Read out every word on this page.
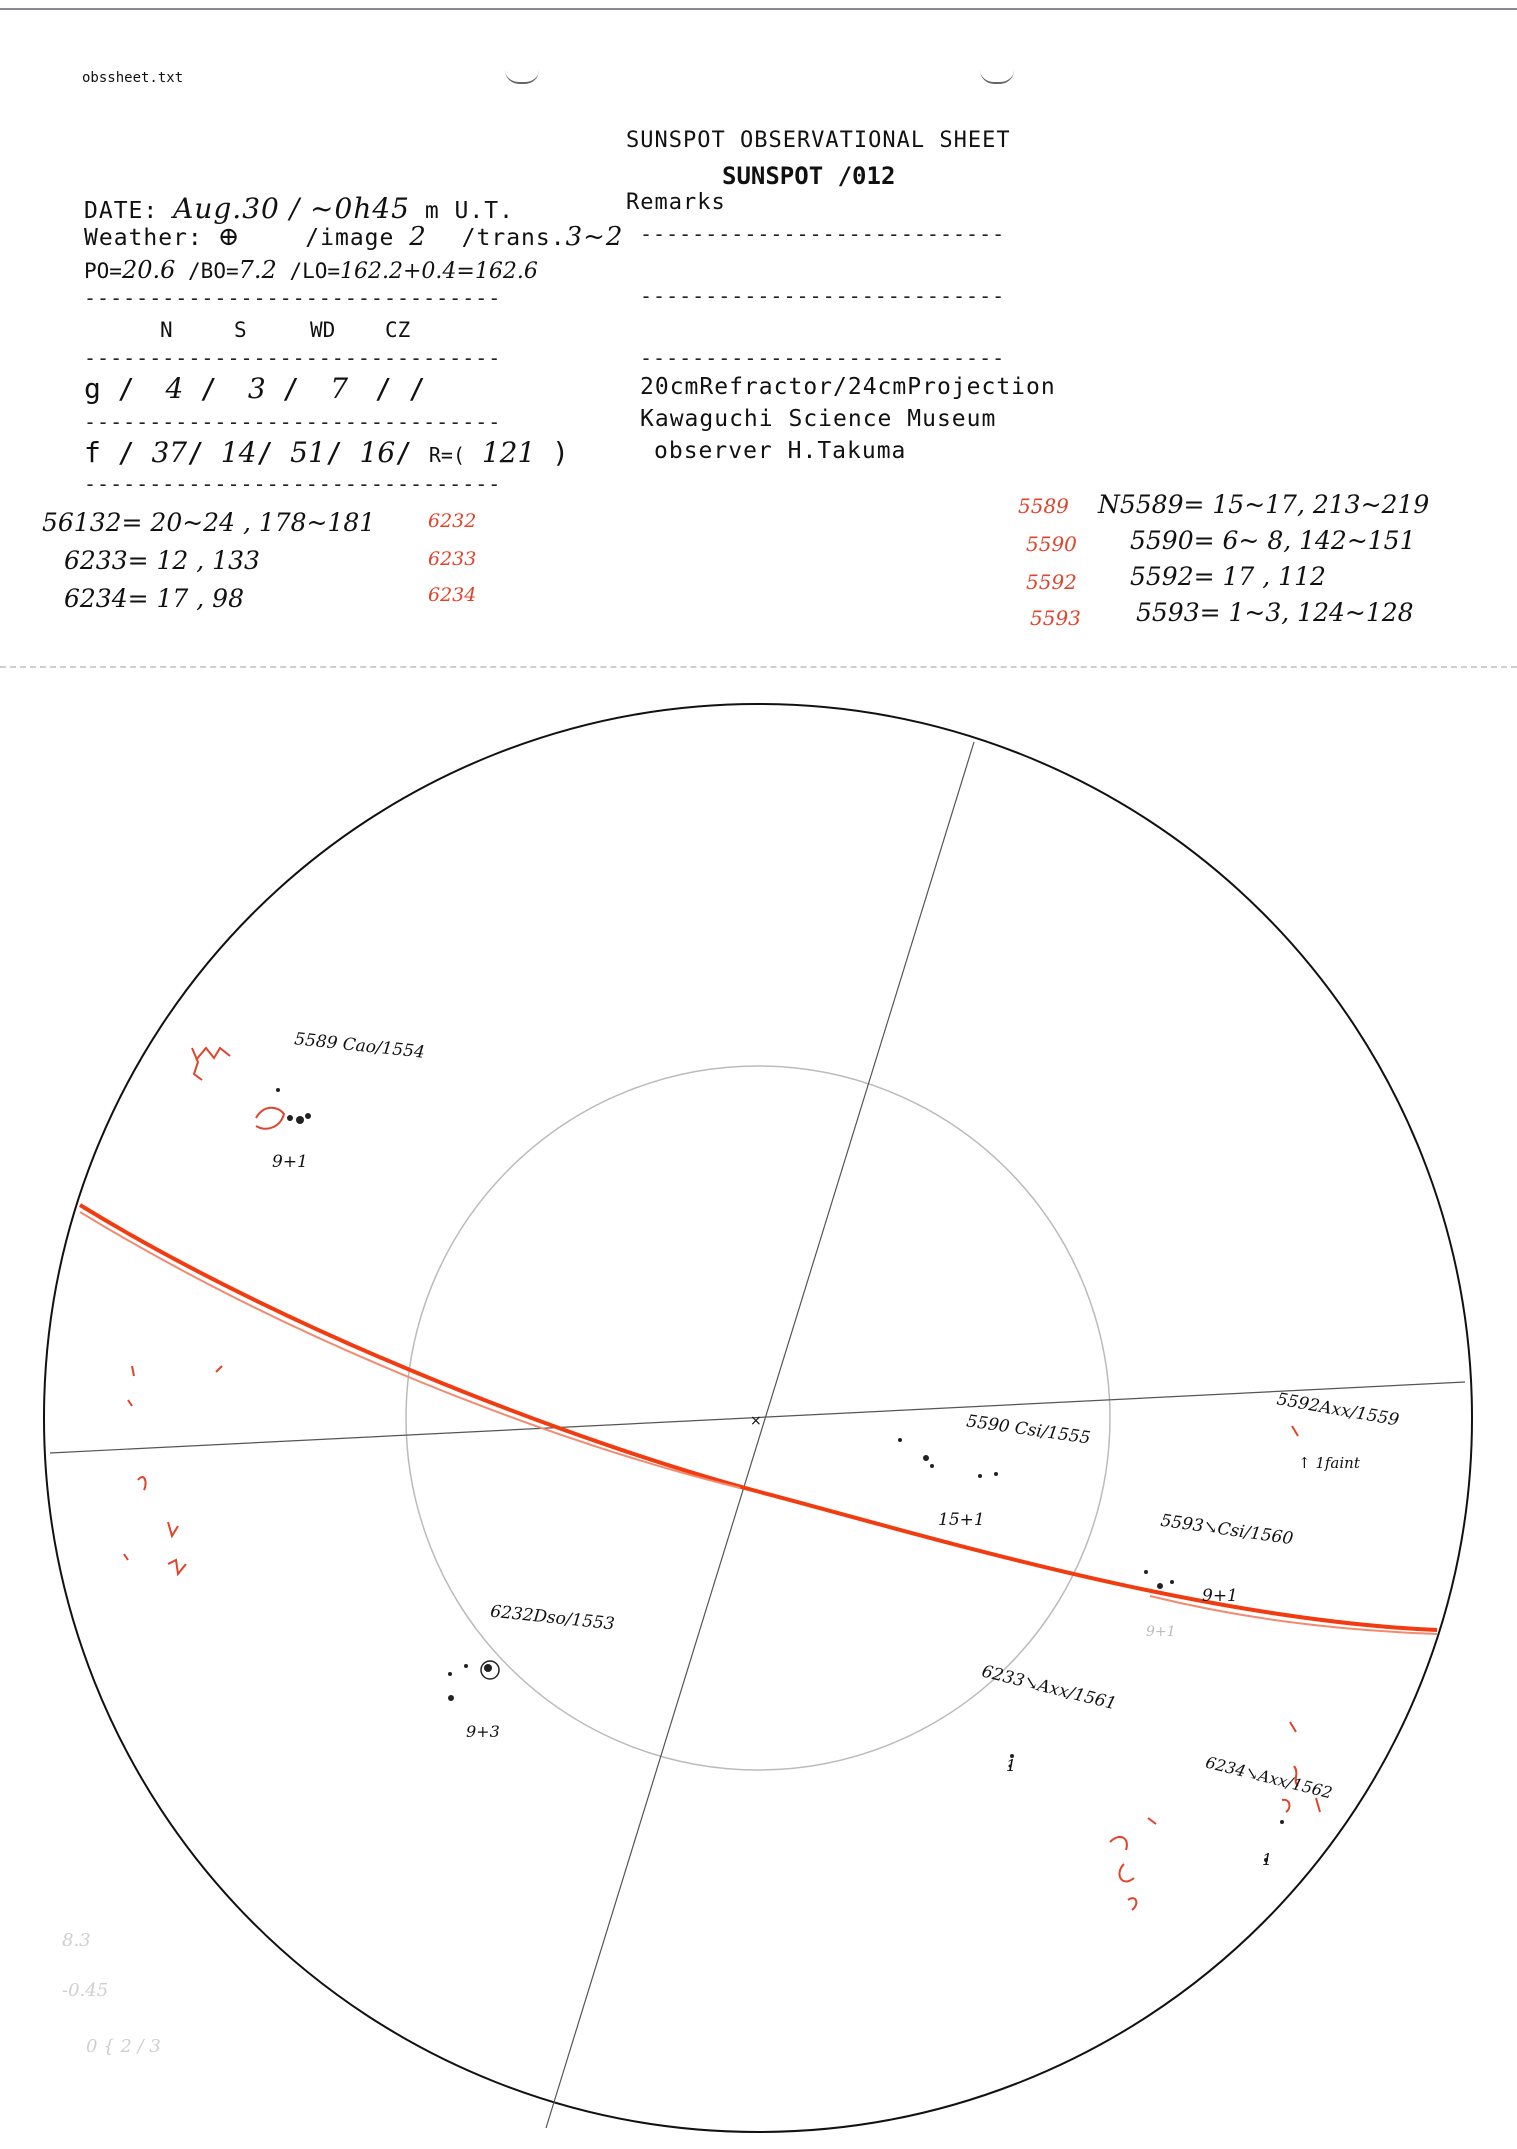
obssheet.txt
SUNSPOT OBSERVATIONAL SHEET
SUNSPOT /012
Remarks
DATE: Aug.30 / ~0h45 m U.T.
Weather: ⊕	/image 2 /trans.3~2
PO=20.6 /BO=7.2 /LO=162.2+0.4=162.6
--------------------------------
N	S	WD CZ
--------------------------------
g / 4 / 3 / 7 / /
--------------------------------
f / 37/ 14/ 51/ 16/ R=( 121 )
--------------------------------
----------------------------
----------------------------
----------------------------
20cmRefractor/24cmProjection
Kawaguchi Science Museum
observer H.Takuma
56132= 20~24 , 178~181	6232
6233= 12 , 133	6233
6234= 17 , 98	6234
5589 N5589= 15~17, 213~219
5590 5590= 6~ 8, 142~151
5592 5592= 17 , 112
5593 5593= 1~3, 124~128
×
5589 Cao/1554
9+1
5590 Csi/1555
15+1
5592Axx/1559
↑ 1faint
5593↘Csi/1560
9+1
9+1
6232Dso/1553
9+3
6233↘Axx/1561
1	6234↘Axx/1562
1
8.3
-0.45
0 { 2 / 3
